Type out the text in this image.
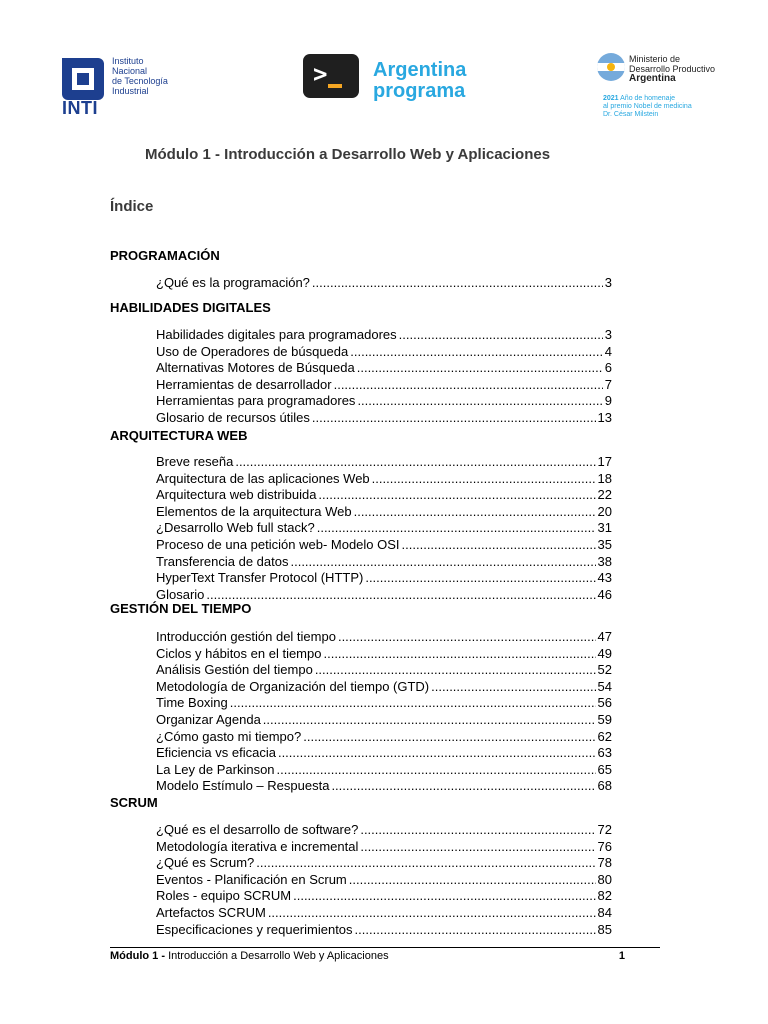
INTI
Instituto
Nacional
de Tecnología
Industrial
> Argentina
programa
Ministerio de
Desarrollo Productivo
Argentina
2021 Año de homenaje
al premio Nobel de medicina
Dr. César Milstein
Módulo 1 - Introducción a Desarrollo Web y Aplicaciones
Índice
PROGRAMACIÓN
¿Qué es la programación? .....	3
HABILIDADES DIGITALES
Habilidades digitales para programadores .....	3
Uso de Operadores de búsqueda .....	4
Alternativas Motores de Búsqueda .....	6
Herramientas de desarrollador .....	7
Herramientas para programadores .....	9
Glosario de recursos útiles .....	13
ARQUITECTURA WEB
Breve reseña .....	17
Arquitectura de las aplicaciones Web .....	18
Arquitectura web distribuida .....	22
Elementos de la arquitectura Web .....	20
¿Desarrollo Web full stack? .....	31
Proceso de una petición web- Modelo OSI .....	35
Transferencia de datos .....	38
HyperText Transfer Protocol (HTTP) .....	43
Glosario .....	46
GESTIÓN DEL TIEMPO
Introducción gestión del tiempo .....	47
Ciclos y hábitos en el tiempo .....	49
Análisis Gestión del tiempo .....	52
Metodología de Organización del tiempo (GTD) .....	54
Time Boxing .....	56
Organizar Agenda .....	59
¿Cómo gasto mi tiempo? .....	62
Eficiencia vs eficacia .....	63
La Ley de Parkinson .....	65
Modelo Estímulo – Respuesta .....	68
SCRUM
¿Qué es el desarrollo de software? .....	72
Metodología iterativa e incremental .....	76
¿Qué es Scrum? .....	78
Eventos - Planificación en Scrum .....	80
Roles - equipo SCRUM .....	82
Artefactos SCRUM .....	84
Especificaciones y requerimientos .....	85
Módulo 1 - Introducción a Desarrollo Web y Aplicaciones	1
